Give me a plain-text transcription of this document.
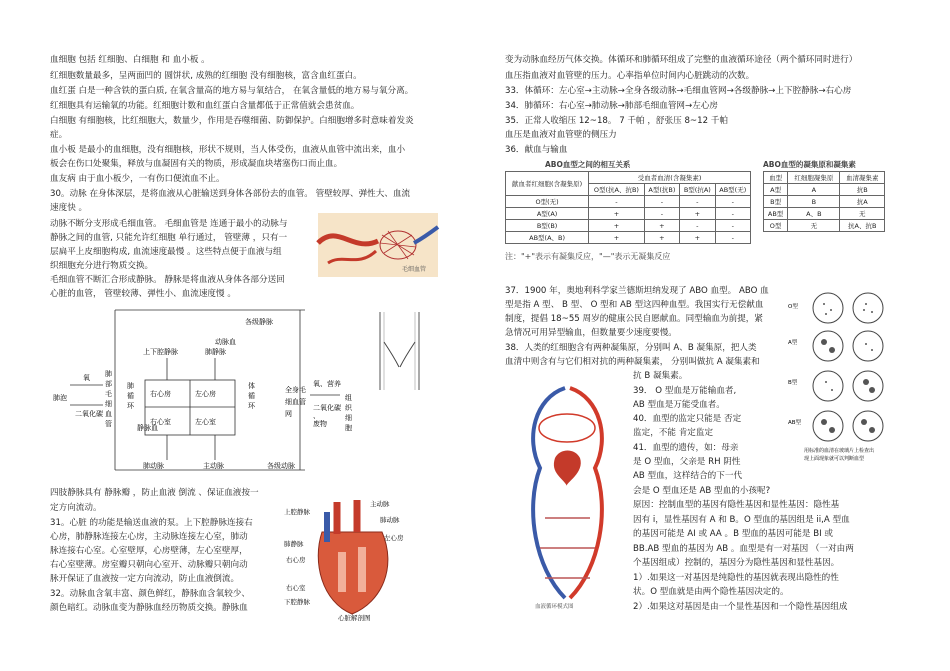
血细胞 包括 红细胞、白细胞 和 血小板 。
红细胞数量最多，呈两面凹的 圆饼状, 成熟的红细胞 没有细胞核，富含血红蛋白。
血红蛋 白是一种含铁的蛋白质, 在氧含量高的地方易与氧结合， 在氧含量低的地方易与氧分离。
红细胞具有运输氧的功能。红细胞计数和血红蛋白含量都低于正常值就会患贫血。
白细胞 有细胞核，比红细胞大，数量少，作用是吞噬细菌、防御保护。白细胞增多时意味着发炎
症。
血小板 是最小的血细胞，没有细胞核，形状不规则，当人体受伤，血液从血管中流出来，血小
板会在伤口处聚集，释放与血凝固有关的物质，形成凝血块堵塞伤口而止血。
血友病 由于血小板少，一有伤口便流血不止。
30。动脉 在身体深层，是将血液从心脏输送到身体各部份去的血管。 管壁较厚、弹性大、血流
速度快 。
动脉不断分支形成毛细血管。 毛细血管是 连通于最小的动脉与
静脉之间的血管, 只能允许红细胞 单行通过， 管壁薄 ，只有一
层扁平上皮细胞构成, 血流速度最慢 。这些特点便于血液与组
织细胞充分进行物质交换。
毛细血管不断汇合形成静脉。 静脉是将血液从身体各部分送回
心脏的血管， 管壁较薄、弹性小、血流速度慢 。
毛细血管
各级静脉
动脉血
上下腔静脉	肺静脉
右心房	左心房
右心室	左心室
肺
循
环
体
循
环
肺
部
毛
细
血
管
全身毛
细血管
网
肺泡
氧
二氧化碳
静脉血
肺动脉	主动脉	各级动脉
氧、营养
组
织
细
胞
二氧化碳
、
废物
四肢静脉具有 静脉瓣 ，防止血液 倒流 、保证血液按一
定方向流动。
31。心脏 的功能是输送血液的泵。上下腔静脉连接右
心房，肺静脉连接左心房，主动脉连接左心室，肺动
脉连接右心室。心室壁厚，心房壁薄，左心室壁厚，
右心室壁薄。房室瓣只朝向心室开、动脉瓣只朝向动
脉开保证了血液按一定方向流动，防止血液倒流。
32。动脉血含氧丰富、颜色鲜红，静脉血含氧较少、
颜色暗红。动脉血变为静脉血经历物质交换。静脉血
主动脉
上腔静脉
肺动脉
肺静脉
左心房
右心房
右心室
下腔静脉
心脏解剖图
变为动脉血经历气体交换。体循环和肺循环组成了完整的血液循环途径（两个循环同时进行）
血压指血液对血管壁的压力。心率指单位时间内心脏跳动的次数。
33．体循环：左心室→主动脉→全身各级动脉→毛细血管网→各级静脉→上下腔静脉→右心房
34．肺循环：右心室→肺动脉→肺部毛细血管网→左心房
35．正常人收缩压 12~18。 7 千帕 ，舒张压 8~12 千帕
血压是血液对血管壁的侧压力
36．献血与输血
ABO血型之间的相互关系
献血者红细胞(含凝集原)	受血者血清(含凝集素)			
	O型(抗A、抗B)	A型(抗B)	B型(抗A)	AB型(无)
O型(无)	-	-	-	-
A型(A)	+	-	+	-
B型(B)	+	+	-	-
AB型(A、B)	+	+	+	-
注："+"表示有凝集反应，"—"表示无凝集反应
ABO血型的凝集原和凝集素
血型	红细胞凝集原	血清凝集素
A型	A	抗B
B型	B	抗A
AB型	A、B	无
O型	无	抗A、抗B
37．1900 年，奥地利科学家兰德斯坦纳发现了 ABO 血型。 ABO 血
型是指 A 型、 B 型、 O 型和 AB 型这四种血型。我国实行无偿献血
制度，提倡 18~55 周岁的健康公民自愿献血。同型输血为前提，紧
急情况可用异型输血，但数量要少速度要慢。
38．人类的红细胞含有两种凝集原，分别叫 A、B 凝集原，把人类
血清中则含有与它们相对抗的两种凝集素， 分别叫做抗 A 凝集素和
抗 B 凝集素。
血液循环模式图
39． O 型血是万能输血者,
AB 型血是万能受血者。
40．血型的监定只能是 否定
监定，不能 肯定监定
41．血型的遗传，如：母亲
是 O 型血，父亲是 RH 阴性
AB 型血，这样结合的下一代
会是 O 型血还是 AB 型血的小孩呢?
O型
A型
B型
AB型
用标准的血清在玻璃片上检查出
现上面现象就可以判断血型
原因：控制血型的基因有隐性基因和显性基因：隐性基
因有 i，显性基因有 A 和 B。O 型血的基因组是 ii,A 型血
的基因可能是 AI 或 AA 。B 型血的基因可能是 BI 或
BB.AB 型血的基因为 AB 。血型是有一对基因 （一对由两
个基因组成）控制的，基因分为隐性基因和显性基因。
1）.如果这一对基因是纯隐性的基因就表现出隐性的性
状。O 型血就是由两个隐性基因决定的。
2）.如果这对基因是由一个显性基因和一个隐性基因组成
